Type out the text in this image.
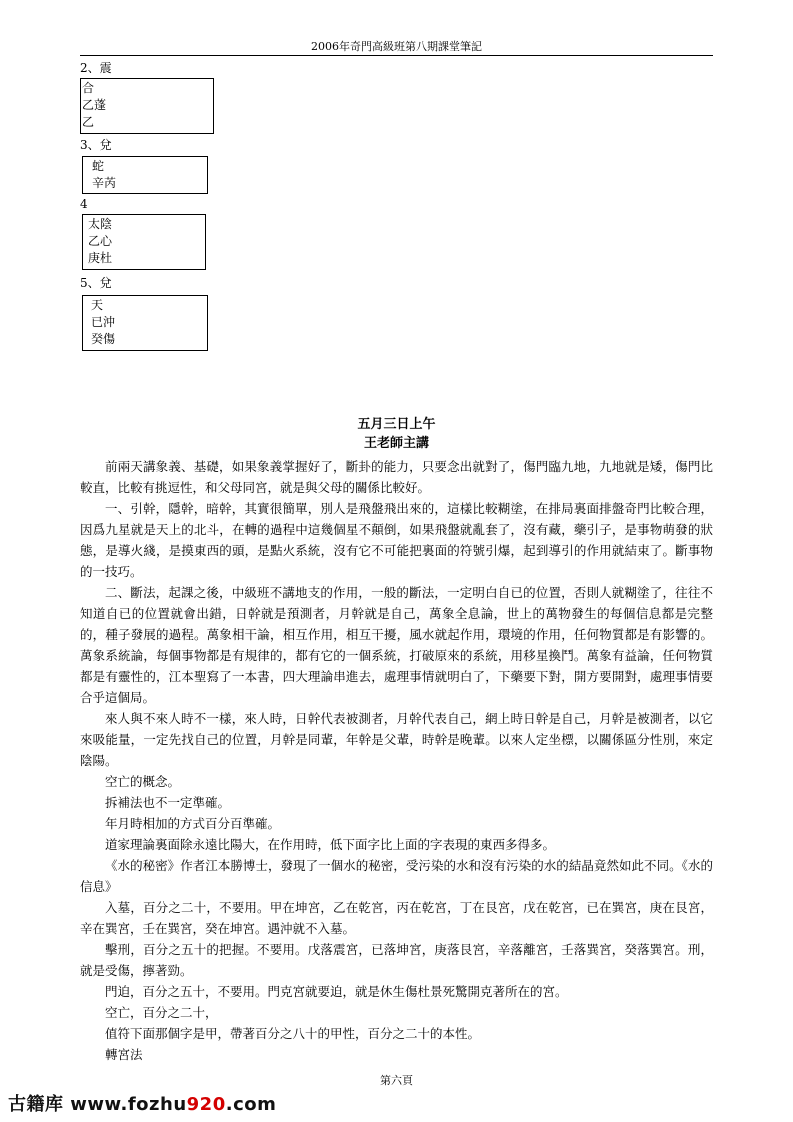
2006年奇門高級班第八期課堂筆記
2、震
合
乙蓬
乙
3、兌
蛇
辛芮
4
太陰
乙心
庚杜
5、兌
天
已沖
癸傷
五月三日上午
王老師主講

前兩天講象義、基礎，如果象義掌握好了，斷卦的能力，只要念出就對了，傷門臨九地，九地就是矮，傷門比較直，比較有挑逗性，和父母同宮，就是與父母的關係比較好。

一、引幹，隱幹，暗幹，其實很簡單，別人是飛盤飛出來的，這樣比較糊塗，在排局裏面排盤奇門比較合理，因爲九星就是天上的北斗，在轉的過程中這幾個星不顛倒，如果飛盤就亂套了，沒有藏，藥引子，是事物萌發的狀態，是導火綫，是摸東西的頭，是點火系統，沒有它不可能把裏面的符號引爆，起到導引的作用就結束了。斷事物的一技巧。

二、斷法，起課之後，中級班不講地支的作用，一般的斷法，一定明白自已的位置，否則人就糊塗了，往往不知道自已的位置就會出錯，日幹就是預測者，月幹就是自己，萬象全息論，世上的萬物發生的每個信息都是完整的，種子發展的過程。萬象相干論，相互作用，相互干擾，風水就起作用，環境的作用，任何物質都是有影響的。萬象系統論，每個事物都是有規律的，都有它的一個系統，打破原來的系統，用移星換鬥。萬象有益論，任何物質都是有靈性的，江本聖寫了一本書，四大理論串進去，處理事情就明白了，下藥要下對，開方要開對，處理事情要合乎這個局。

來人與不來人時不一樣，來人時，日幹代表被測者，月幹代表自己，網上時日幹是自己，月幹是被測者，以它來吸能量，一定先找自己的位置，月幹是同輩，年幹是父輩，時幹是晚輩。以來人定坐標，以關係區分性別，來定陰陽。

空亡的概念。

拆補法也不一定準確。

年月時相加的方式百分百準確。

道家理論裏面除永遠比陽大，在作用時，低下面字比上面的字表現的東西多得多。

《水的秘密》作者江本勝博士，發現了一個水的秘密，受污染的水和沒有污染的水的結晶竟然如此不同。《水的信息》

入墓，百分之二十，不要用。甲在坤宮，乙在乾宮，丙在乾宮，丁在艮宮，戊在乾宮，已在巽宮，庚在艮宮，辛在巽宮，壬在巽宮，癸在坤宮。遇沖就不入墓。

擊刑，百分之五十的把握。不要用。戊落震宮，已落坤宮，庚落艮宮，辛落離宮，壬落巽宮，癸落巽宮。刑，就是受傷，擰著勁。

門迫，百分之五十，不要用。門克宮就要迫，就是休生傷杜景死驚開克著所在的宮。

空亡，百分之二十，

值符下面那個字是甲，帶著百分之八十的甲性，百分之二十的本性。

轉宮法

第六頁
古籍库 www.fozhu920.com
